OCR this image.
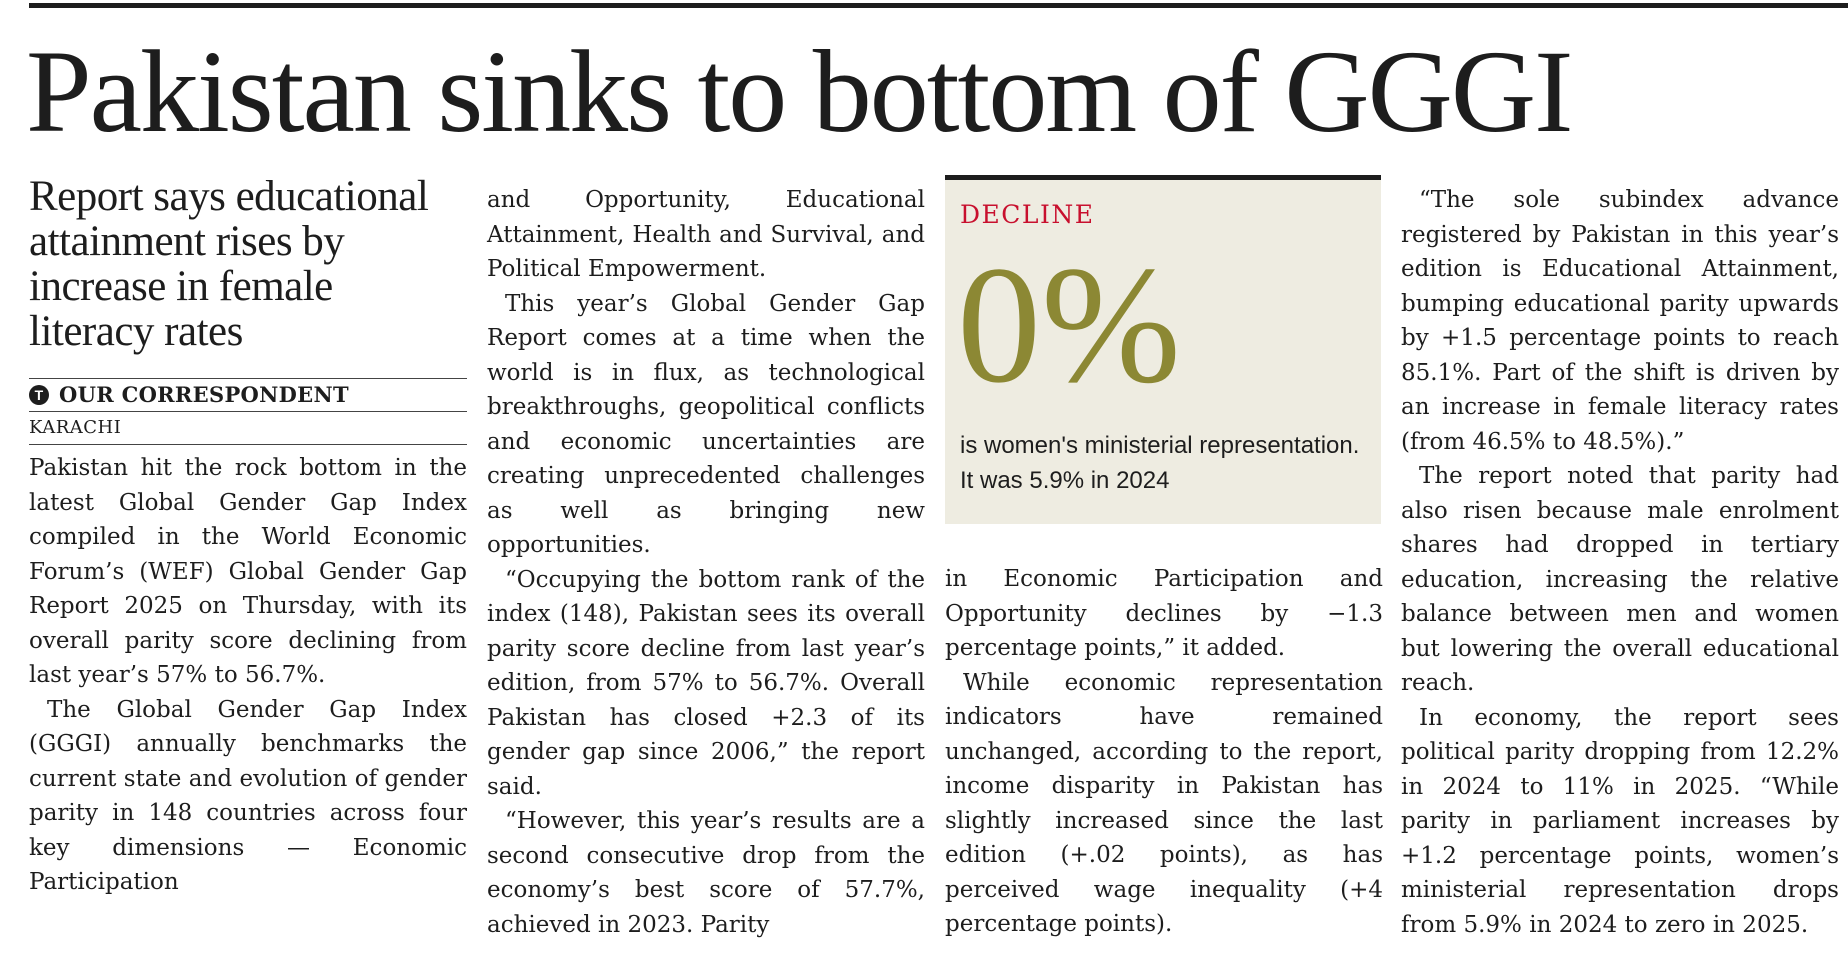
Pakistan sinks to bottom of GGGI
Report says educational attainment rises by increase in female literacy rates
T OUR CORRESPONDENT
KARACHI

Pakistan hit the rock bottom in the latest Global Gender Gap Index compiled in the World Economic Forum’s (WEF) Global Gender Gap Report 2025 on Thursday, with its overall parity score declining from last year’s 57% to 56.7%.

The Global Gender Gap Index (GGGI) annually benchmarks the current state and evolution of gender parity in 148 countries across four key dimensions — Economic Participation

and Opportunity, Educational Attainment, Health and Survival, and Political Empowerment.

This year’s Global Gender Gap Report comes at a time when the world is in flux, as technological breakthroughs, geopolitical conflicts and economic uncertainties are creating unprecedented challenges as well as bringing new opportunities.

“Occupying the bottom rank of the index (148), Pakistan sees its overall parity score decline from last year’s edition, from 57% to 56.7%. Overall Pakistan has closed +2.3 of its gender gap since 2006,” the report said.

“However, this year’s results are a second consecutive drop from the economy’s best score of 57.7%, achieved in 2023. Parity

DECLINE
0%
is women's ministerial representation. It was 5.9% in 2024

in Economic Participation and Opportunity declines by −1.3 percentage points,” it added.

While economic representation indicators have remained unchanged, according to the report, income disparity in Pakistan has slightly increased since the last edition (+.02 points), as has perceived wage inequality (+4 percentage points).

“The sole subindex advance registered by Pakistan in this year’s edition is Educational Attainment, bumping educational parity upwards by +1.5 percentage points to reach 85.1%. Part of the shift is driven by an increase in female literacy rates (from 46.5% to 48.5%).”

The report noted that parity had also risen because male enrolment shares had dropped in tertiary education, increasing the relative balance between men and women but lowering the overall educational reach.

In economy, the report sees political parity dropping from 12.2% in 2024 to 11% in 2025. “While parity in parliament increases by +1.2 percentage points, women’s ministerial representation drops from 5.9% in 2024 to zero in 2025.
